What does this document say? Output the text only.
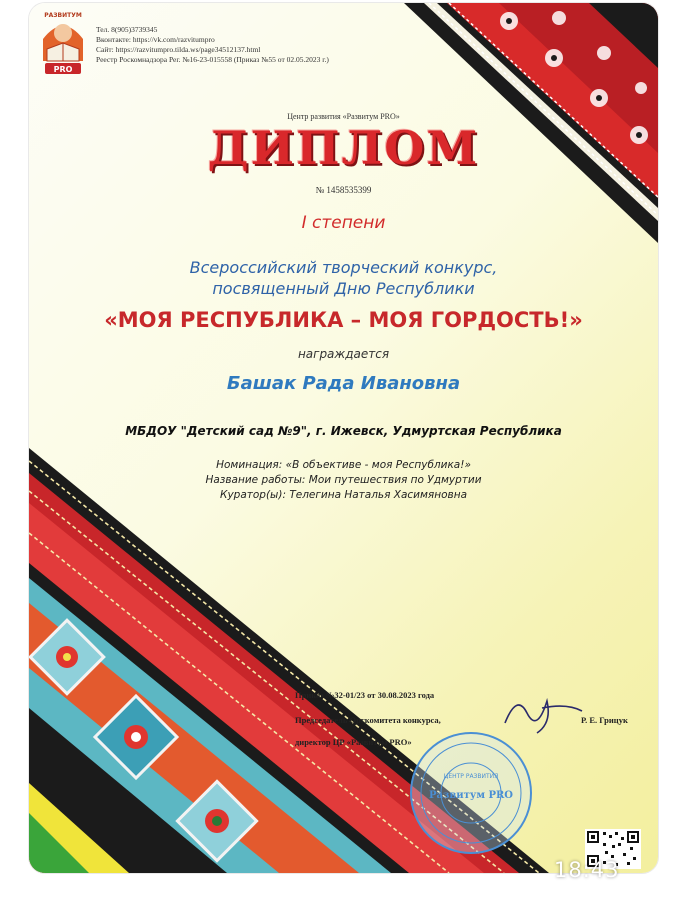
PRO
РАЗВИТУМ
Тел. 8(905)3739345
Вконтакте: https://vk.com/razvitumpro
Сайт: https://razvitumpro.tilda.ws/page34512137.html
Реестр Роскомнадзора Рег. №16-23-015558 (Приказ №55 от 02.05.2023 г.)
Центр развития «Развитум PRO»
ДИПЛОМ
№ 1458535399
I степени
Всероссийский творческий конкурс,
посвященный Дню Республики
«МОЯ РЕСПУБЛИКА – МОЯ ГОРДОСТЬ!»
награждается
Башак Рада Ивановна
МБДОУ "Детский сад №9", г. Ижевск, Удмуртская Республика
Номинация: «В объективе - моя Республика!»
Название работы: Мои путешествия по Удмуртии
Куратор(ы): Телегина Наталья Хасимяновна
Приказ №32-01/23 от 30.08.2023 года
Председатель Оргкомитета конкурса,
директор ЦР «Развитум PRO»
Р. Е. Грицук
ЦЕНТР РАЗВИТИЯ
Развитум PRO
18:43
